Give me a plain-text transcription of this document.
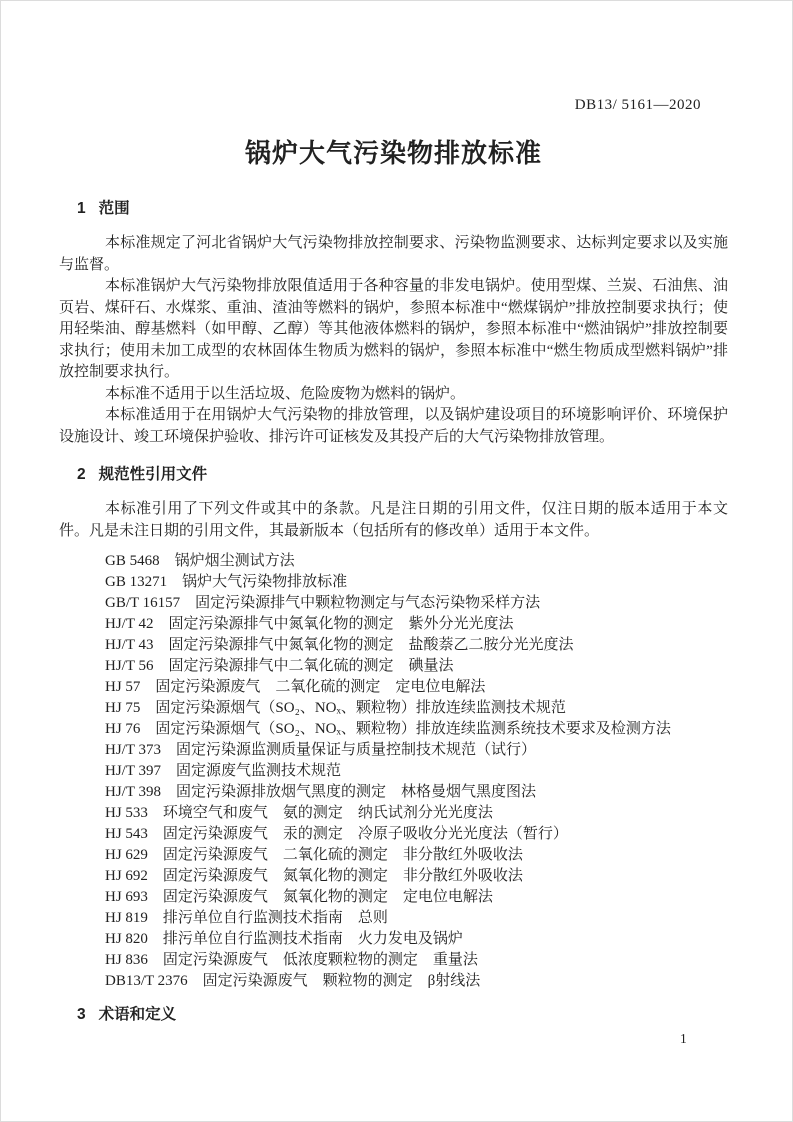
DB13/ 5161—2020
锅炉大气污染物排放标准
1 范围

本标准规定了河北省锅炉大气污染物排放控制要求、污染物监测要求、达标判定要求以及实施与监督。

本标准锅炉大气污染物排放限值适用于各种容量的非发电锅炉。使用型煤、兰炭、石油焦、油页岩、煤矸石、水煤浆、重油、渣油等燃料的锅炉，参照本标准中“燃煤锅炉”排放控制要求执行；使用轻柴油、醇基燃料（如甲醇、乙醇）等其他液体燃料的锅炉，参照本标准中“燃油锅炉”排放控制要求执行；使用未加工成型的农林固体生物质为燃料的锅炉，参照本标准中“燃生物质成型燃料锅炉”排放控制要求执行。

本标准不适用于以生活垃圾、危险废物为燃料的锅炉。

本标准适用于在用锅炉大气污染物的排放管理，以及锅炉建设项目的环境影响评价、环境保护设施设计、竣工环境保护验收、排污许可证核发及其投产后的大气污染物排放管理。

2 规范性引用文件

本标准引用了下列文件或其中的条款。凡是注日期的引用文件，仅注日期的版本适用于本文件。凡是未注日期的引用文件，其最新版本（包括所有的修改单）适用于本文件。

GB 5468 锅炉烟尘测试方法
GB 13271 锅炉大气污染物排放标准
GB/T 16157 固定污染源排气中颗粒物测定与气态污染物采样方法
HJ/T 42 固定污染源排气中氮氧化物的测定　紫外分光光度法
HJ/T 43 固定污染源排气中氮氧化物的测定　盐酸萘乙二胺分光光度法
HJ/T 56 固定污染源排气中二氧化硫的测定　碘量法
HJ 57 固定污染源废气　二氧化硫的测定　定电位电解法
HJ 75 固定污染源烟气（SO₂、NOₓ、颗粒物）排放连续监测技术规范
HJ 76 固定污染源烟气（SO₂、NOₓ、颗粒物）排放连续监测系统技术要求及检测方法
HJ/T 373 固定污染源监测质量保证与质量控制技术规范（试行）
HJ/T 397 固定源废气监测技术规范
HJ/T 398 固定污染源排放烟气黑度的测定　林格曼烟气黑度图法
HJ 533 环境空气和废气　氨的测定　纳氏试剂分光光度法
HJ 543 固定污染源废气　汞的测定　冷原子吸收分光光度法（暂行）
HJ 629 固定污染源废气　二氧化硫的测定　非分散红外吸收法
HJ 692 固定污染源废气　氮氧化物的测定　非分散红外吸收法
HJ 693 固定污染源废气　氮氧化物的测定　定电位电解法
HJ 819 排污单位自行监测技术指南　总则
HJ 820 排污单位自行监测技术指南　火力发电及锅炉
HJ 836 固定污染源废气　低浓度颗粒物的测定　重量法
DB13/T 2376 固定污染源废气　颗粒物的测定　β射线法
3 术语和定义
1
